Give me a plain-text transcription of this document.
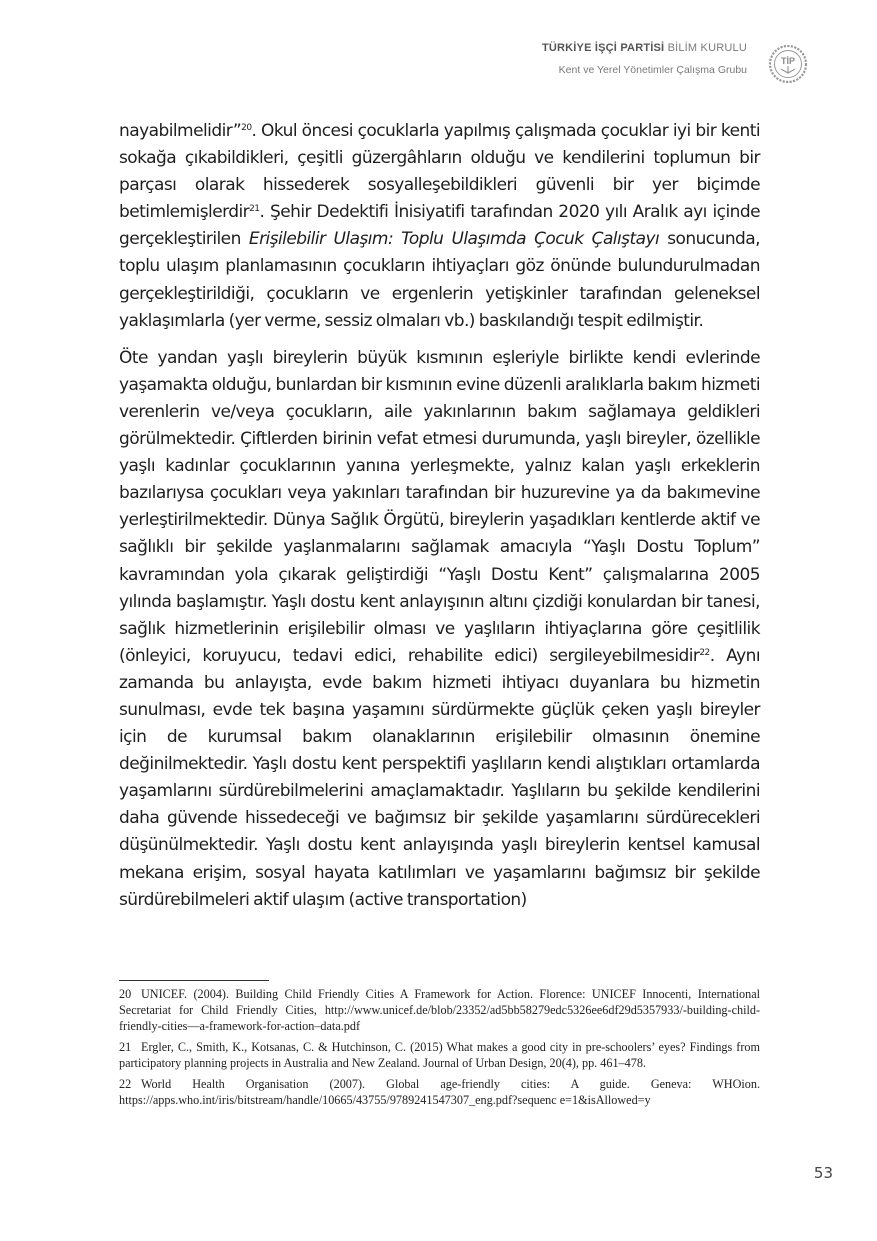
TÜRKİYE İŞÇİ PARTİSİ BİLİM KURULU
Kent ve Yerel Yönetimler Çalışma Grubu
TİP

nayabilmelidir”$^{20}$. Okul öncesi çocuklarla yapılmış çalışmada çocuklar iyi bir kenti sokağa çıkabildikleri, çeşitli güzergâhların olduğu ve kendilerini toplumun bir parçası olarak hissederek sosyalleşebildikleri güvenli bir yer biçimde betimlemişlerdir$^{21}$. Şehir Dedektifi İnisiyatifi tarafından 2020 yılı Aralık ayı içinde gerçekleştirilen Erişilebilir Ulaşım: Toplu Ulaşımda Çocuk Çalıştayı sonucunda, toplu ulaşım planlamasının çocukların ihtiyaçları göz önünde bulundurulmadan gerçekleştirildiği, çocukların ve ergenlerin yetişkinler tarafından geleneksel yaklaşımlarla (yer verme, sessiz olmaları vb.) baskılandığı tespit edilmiştir.

Öte yandan yaşlı bireylerin büyük kısmının eşleriyle birlikte kendi evlerinde yaşamakta olduğu, bunlardan bir kısmının evine düzenli aralıklarla bakım hizmeti verenlerin ve/veya çocukların, aile yakınlarının bakım sağlamaya geldikleri görülmektedir. Çiftlerden birinin vefat etmesi durumunda, yaşlı bireyler, özellikle yaşlı kadınlar çocuklarının yanına yerleşmekte, yalnız kalan yaşlı erkeklerin bazılarıysa çocukları veya yakınları tarafından bir huzurevine ya da bakımevine yerleştirilmektedir. Dünya Sağlık Örgütü, bireylerin yaşadıkları kentlerde aktif ve sağlıklı bir şekilde yaşlanmalarını sağlamak amacıyla “Yaşlı Dostu Toplum” kavramından yola çıkarak geliştirdiği “Yaşlı Dostu Kent” çalışmalarına 2005 yılında başlamıştır. Yaşlı dostu kent anlayışının altını çizdiği konulardan bir tanesi, sağlık hizmetlerinin erişilebilir olması ve yaşlıların ihtiyaçlarına göre çeşitlilik (önleyici, koruyucu, tedavi edici, rehabilite edici) sergileyebilmesidir$^{22}$. Aynı zamanda bu anlayışta, evde bakım hizmeti ihtiyacı duyanlara bu hizmetin sunulması, evde tek başına yaşamını sürdürmekte güçlük çeken yaşlı bireyler için de kurumsal bakım olanaklarının erişilebilir olmasının önemine değinilmektedir. Yaşlı dostu kent perspektifi yaşlıların kendi alıştıkları ortamlarda yaşamlarını sürdürebilmelerini amaçlamaktadır. Yaşlıların bu şekilde kendilerini daha güvende hissedeceği ve bağımsız bir şekilde yaşamlarını sürdürecekleri düşünülmektedir. Yaşlı dostu kent anlayışında yaşlı bireylerin kentsel kamusal mekana erişim, sosyal hayata katılımları ve yaşamlarını bağımsız bir şekilde sürdürebilmeleri aktif ulaşım (active transportation)

20 UNICEF. (2004). Building Child Friendly Cities A Framework for Action. Florence: UNICEF Innocenti, International Secretariat for Child Friendly Cities, http://www.unicef.de/blob/23352/ad5bb58279edc5326ee6df29d5357933/-building-child-friendly-cities—a-framework-for-action–data.pdf
21 Ergler, C., Smith, K., Kotsanas, C. & Hutchinson, C. (2015) What makes a good city in pre-schoolers’ eyes? Findings from participatory planning projects in Australia and New Zealand. Journal of Urban Design, 20(4), pp. 461–478.
22 World Health Organisation (2007). Global age-friendly cities: A guide. Geneva: WHOion. https://apps.who.int/iris/bitstream/handle/10665/43755/9789241547307_eng.pdf?sequenc e=1&isAllowed=y
53
